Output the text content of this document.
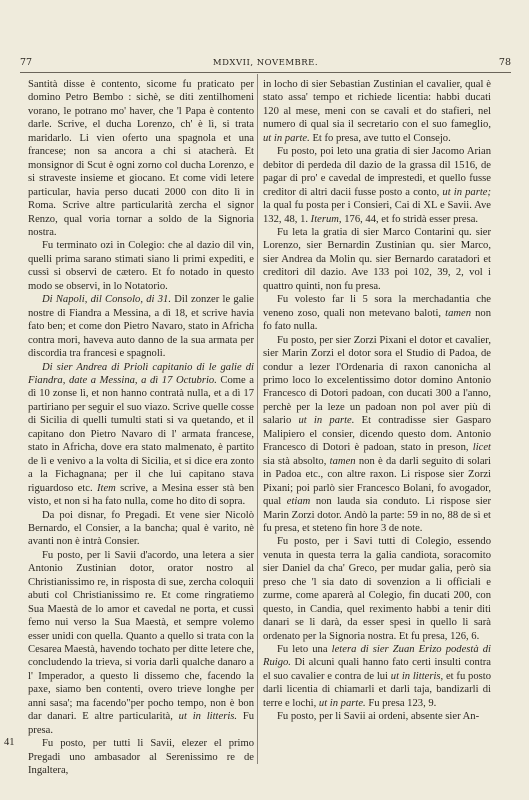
77	MDXVII, NOVEMBRE.	78
41

Santità disse è contento, sicome fu praticato per domino Petro Bembo : sichè, se diti zentilhomeni vorano, le potrano mo' haver, che 'l Papa è contento darle. Scrive, el ducha Lorenzo, ch' è lì, si trata maridarlo. Li vien oferto una spagnola et una francese; non sa ancora a chi si atacherà. Et monsignor di Scut è ogni zorno col ducha Lorenzo, e si straveste insieme et giocano. Et come vidi letere particular, havia perso ducati 2000 con dito lì in Roma. Scrive altre particularità zercha el signor Renzo, qual voria tornar a soldo de la Signoria nostra.

Fu terminato ozi in Colegio: che al dazio dil vin, quelli prima sarano stimati siano li primi expediti, e cussì si observi de cætero. Et fo notado in questo modo se observi, in lo Notatorio.

Di Napoli, dil Consolo, di 31. Dil zonzer le galie nostre di Fiandra a Messina, a dì 18, et scrive havia fato ben; et come don Pietro Navaro, stato in Africha contra mori, haveva auto danno de la sua armata per discordia tra francesi e spagnoli.

Di sier Andrea di Priolì capitanio di le galie di Fiandra, date a Messina, a dì 17 Octubrio. Come a dì 10 zonse lì, et non hanno contratà nulla, et a dì 17 partiriano per seguir el suo viazo. Scrive quelle cosse di Sicilia di quelli tumulti stati si va quetando, et il capitano don Pietro Navaro di l' armata francese, stato in Africha, dove era stato malmenato, è partito de lì e venivo a la volta di Sicilia, et si dice era zonto a la Fichagnana; per il che lui capitano stava riguardoso etc. Item scrive, a Mesina esser stà ben visto, et non si ha fato nulla, come ho dito di sopra.

Da poi disnar, fo Pregadi. Et vene sier Nicolò Bernardo, el Consier, a la bancha; qual è varito, nè avanti non è intrà Consier.

Fu posto, per li Savii d'acordo, una letera a sier Antonio Zustinian dotor, orator nostro al Christianissimo re, in risposta di sue, zercha coloquii abuti col Christianissimo re. Et come ringratiemo Sua Maestà de lo amor et cavedal ne porta, et cussì femo nui verso la Sua Maestà, et sempre volemo esser unidi con quella. Quanto a quello si trata con la Cesarea Maestà, havendo tochato per ditte letere che, concludendo la trieva, si voria darli qualche danaro a l' Imperador, a questo li dissemo che, facendo la paxe, siamo ben contenti, overo trieve longhe per anni sasa'; ma facendo"per pocho tempo, non è bon dar danari. E altre particularità, ut in litteris. Fu presa.

Fu posto, per tutti li Savii, elezer el primo Pregadi uno ambasador al Serenissimo re de Ingaltera,

in locho di sier Sebastian Zustinian el cavalier, qual è stato assa' tempo et richiede licentia: habbi ducati 120 al mese, meni con se cavali et do stafieri, nel numero di qual sia il secretario con el suo fameglio, ut in parte. Et fo presa, ave tutto el Consejo.

Fu posto, poi leto una gratia di sier Jacomo Arian debitor di perdeda dil dazio de la grassa dil 1516, de pagar di pro' e cavedal de imprestedi, et quello fusse creditor di altri dacii fusse posto a conto, ut in parte; la qual fu posta per i Consieri, Cai di XL e Savii. Ave 132, 48, 1. Iterum, 176, 44, et fo stridà esser presa.

Fu leta la gratia di sier Marco Contarini qu. sier Lorenzo, sier Bernardin Zustinian qu. sier Marco, sier Andrea da Molin qu. sier Bernardo caratadori et creditori dil dazio. Ave 133 poi 102, 39, 2, vol i quattro quinti, non fu presa.

Fu volesto far li 5 sora la merchadantia che veneno zoso, quali non metevano baloti, tamen non fo fato nulla.

Fu posto, per sier Zorzi Pixani el dotor et cavalier, sier Marin Zorzi el dotor sora el Studio di Padoa, de condur a lezer l'Ordenaria di raxon canonicha al primo loco lo excelentissimo dotor domino Antonio Francesco di Dotori padoan, con ducati 300 a l'anno, perchè per la leze un padoan non pol aver più di salario ut in parte. Et contradisse sier Gasparo Malipiero el consier, dicendo questo dom. Antonio Francesco di Dotori è padoan, stato in preson, licet sia stà absolto, tamen non è da darli seguito di solari in Padoa etc., con altre raxon. Li rispose sier Zorzi Pixani; poi parlò sier Francesco Bolani, fo avogador, qual etiam non lauda sia conduto. Li rispose sier Marin Zorzi dotor. Andò la parte: 59 in no, 88 de sì et fu presa, et steteno fin hore 3 de note.

Fu posto, per i Savi tutti di Colegio, essendo venuta in questa terra la galia candiota, soracomito sier Daniel da cha' Greco, per mudar galia, però sia preso che 'l sia dato di sovenzion a li officiali e zurme, come aparerà al Colegio, fin ducati 200, con questo, in Candia, quel reximento habbi a tenir diti danari se li darà, da esser spesi in quello li sarà ordenato per la Signoria nostra. Et fu presa, 126, 6.

Fu leto una letera di sier Zuan Erizo podestà di Ruigo. Di alcuni quali hanno fato certi insulti contra el suo cavalier e contra de lui ut in litteris, et fu posto darli licentia di chiamarli et darli taja, bandizarli di terre e lochi, ut in parte. Fu presa 123, 9.

Fu posto, per li Savii ai ordeni, absente sier An-
